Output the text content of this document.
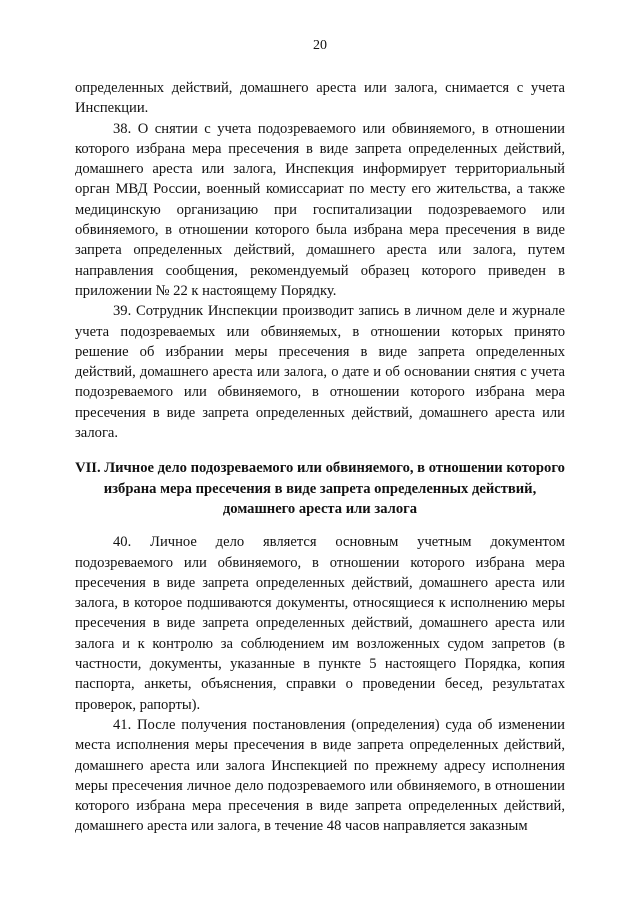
20

определенных действий, домашнего ареста или залога, снимается с учета Инспекции.

38. О снятии с учета подозреваемого или обвиняемого, в отношении которого избрана мера пресечения в виде запрета определенных действий, домашнего ареста или залога, Инспекция информирует территориальный орган МВД России, военный комиссариат по месту его жительства, а также медицинскую организацию при госпитализации подозреваемого или обвиняемого, в отношении которого была избрана мера пресечения в виде запрета определенных действий, домашнего ареста или залога, путем направления сообщения, рекомендуемый образец которого приведен в приложении № 22 к настоящему Порядку.

39. Сотрудник Инспекции производит запись в личном деле и журнале учета подозреваемых или обвиняемых, в отношении которых принято решение об избрании меры пресечения в виде запрета определенных действий, домашнего ареста или залога, о дате и об основании снятия с учета подозреваемого или обвиняемого, в отношении которого избрана мера пресечения в виде запрета определенных действий, домашнего ареста или залога.

VII. Личное дело подозреваемого или обвиняемого, в отношении которого избрана мера пресечения в виде запрета определенных действий, домашнего ареста или залога

40. Личное дело является основным учетным документом подозреваемого или обвиняемого, в отношении которого избрана мера пресечения в виде запрета определенных действий, домашнего ареста или залога, в которое подшиваются документы, относящиеся к исполнению меры пресечения в виде запрета определенных действий, домашнего ареста или залога и к контролю за соблюдением им возложенных судом запретов (в частности, документы, указанные в пункте 5 настоящего Порядка, копия паспорта, анкеты, объяснения, справки о проведении бесед, результатах проверок, рапорты).

41. После получения постановления (определения) суда об изменении места исполнения меры пресечения в виде запрета определенных действий, домашнего ареста или залога Инспекцией по прежнему адресу исполнения меры пресечения личное дело подозреваемого или обвиняемого, в отношении которого избрана мера пресечения в виде запрета определенных действий, домашнего ареста или залога, в течение 48 часов направляется заказным
